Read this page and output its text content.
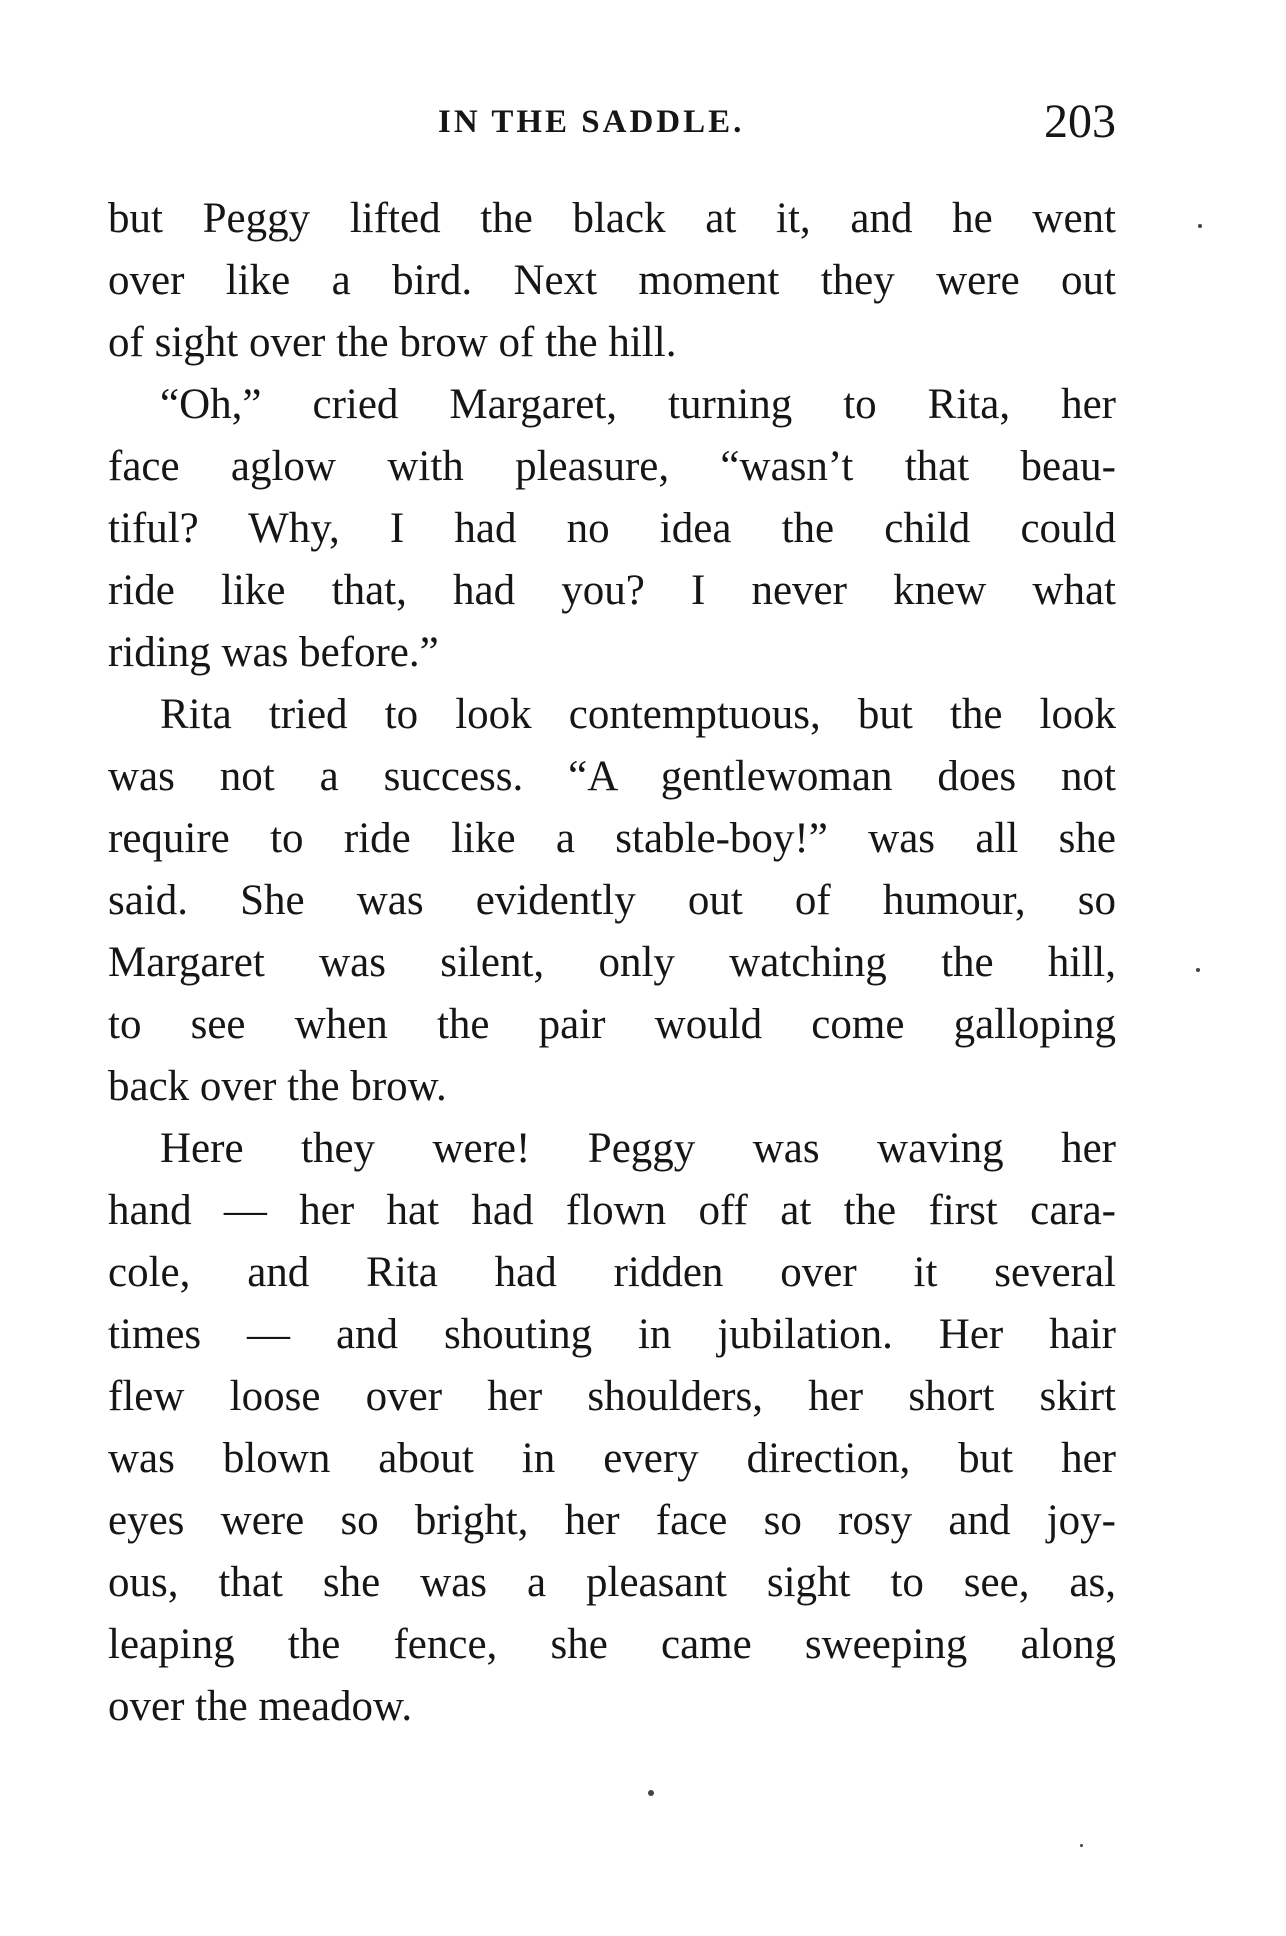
IN THE SADDLE.	203
but Peggy lifted the black at it, and he went
over like a bird. Next moment they were out
of sight over the brow of the hill.
“Oh,” cried Margaret, turning to Rita, her
face aglow with pleasure, “wasn’t that beau-
tiful? Why, I had no idea the child could
ride like that, had you? I never knew what
riding was before.”
Rita tried to look contemptuous, but the look
was not a success. “A gentlewoman does not
require to ride like a stable-boy!” was all she
said. She was evidently out of humour, so
Margaret was silent, only watching the hill,
to see when the pair would come galloping
back over the brow.
Here they were! Peggy was waving her
hand — her hat had flown off at the first cara-
cole, and Rita had ridden over it several
times — and shouting in jubilation. Her hair
flew loose over her shoulders, her short skirt
was blown about in every direction, but her
eyes were so bright, her face so rosy and joy-
ous, that she was a pleasant sight to see, as,
leaping the fence, she came sweeping along
over the meadow.
